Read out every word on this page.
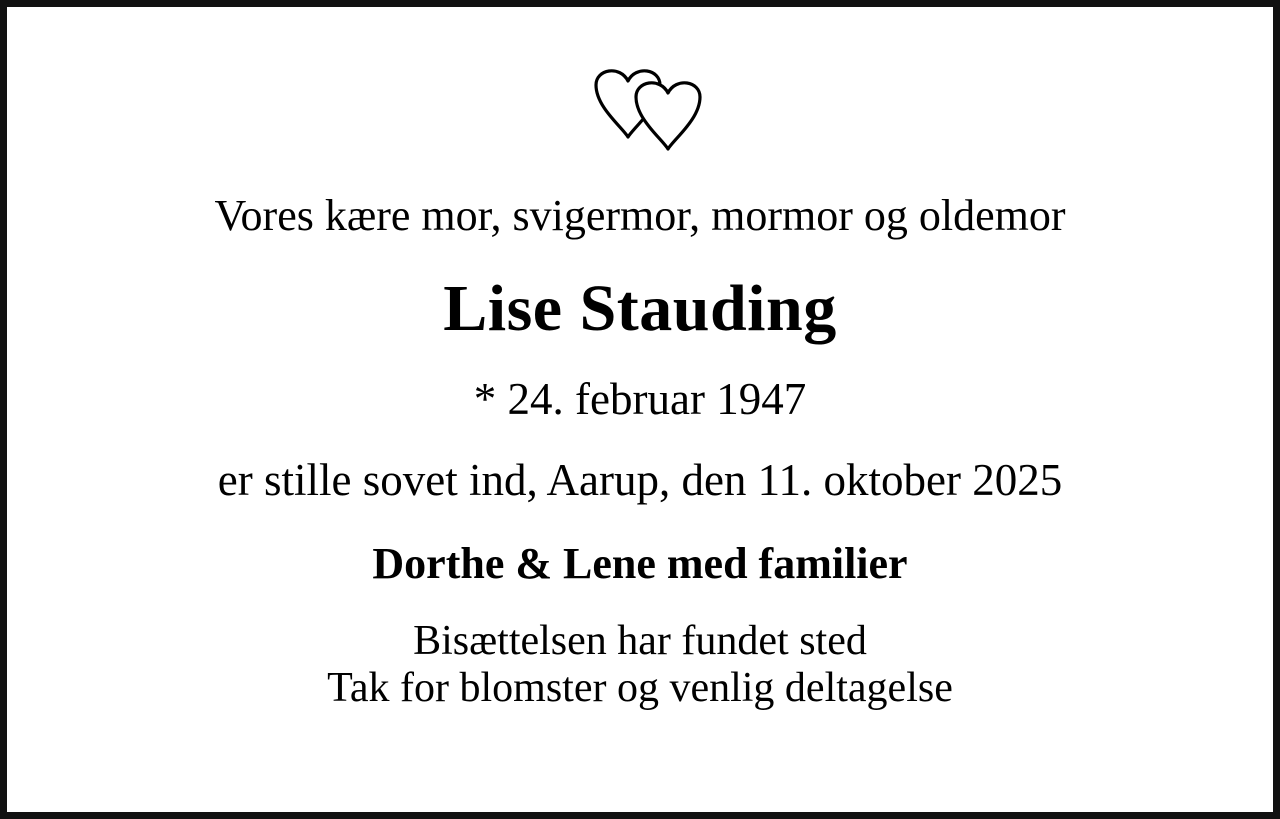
Vores kære mor, svigermor, mormor og oldemor
Lise Stauding
* 24. februar 1947
er stille sovet ind, Aarup, den 11. oktober 2025
Dorthe & Lene med familier
Bisættelsen har fundet sted
Tak for blomster og venlig deltagelse
